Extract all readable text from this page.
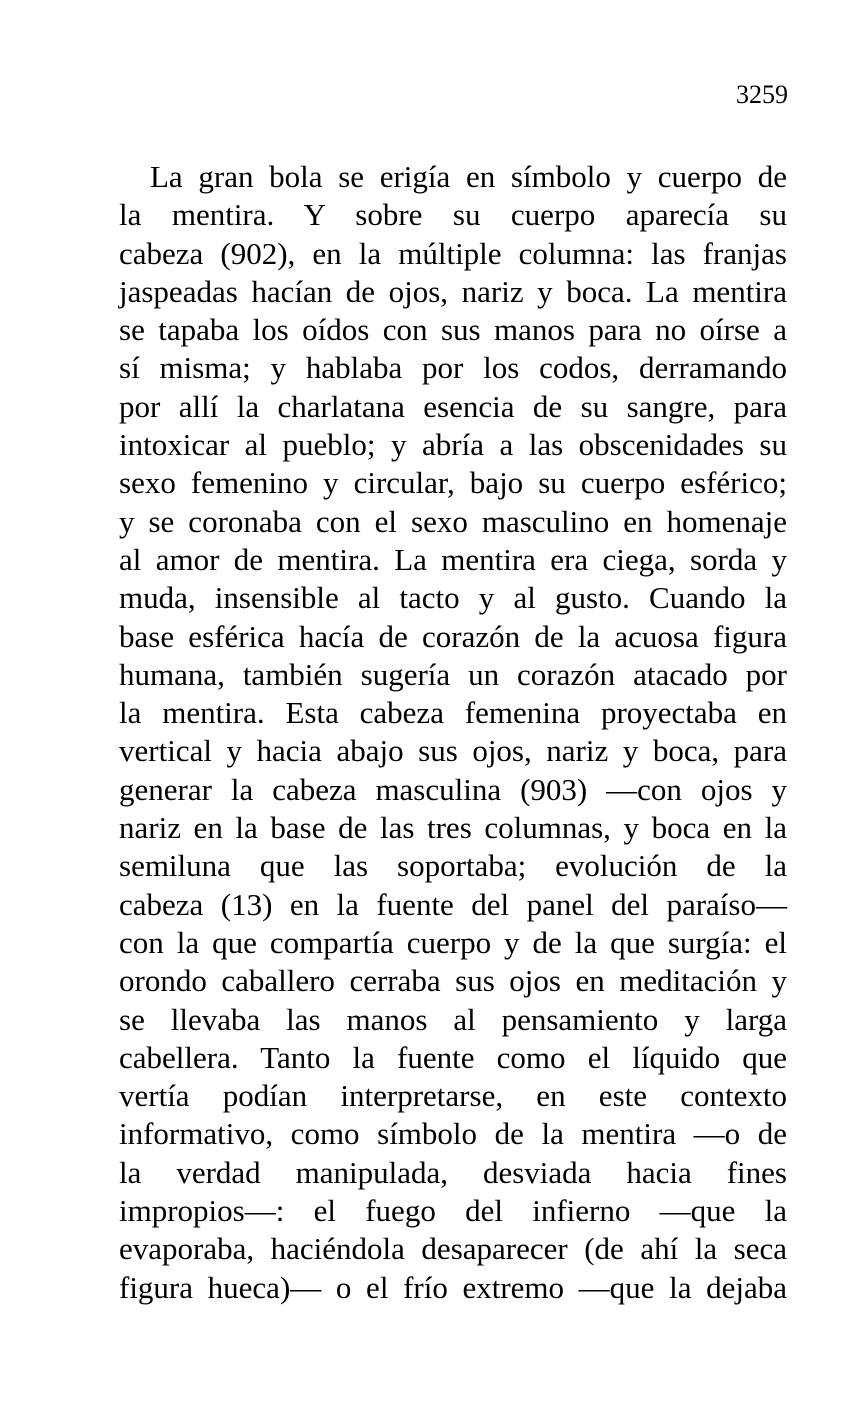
3259
La gran bola se erigía en símbolo y cuerpo de
la mentira. Y sobre su cuerpo aparecía su
cabeza (902), en la múltiple columna: las franjas
jaspeadas hacían de ojos, nariz y boca. La mentira
se tapaba los oídos con sus manos para no oírse a
sí misma; y hablaba por los codos, derramando
por allí la charlatana esencia de su sangre, para
intoxicar al pueblo; y abría a las obscenidades su
sexo femenino y circular, bajo su cuerpo esférico;
y se coronaba con el sexo masculino en homenaje
al amor de mentira. La mentira era ciega, sorda y
muda, insensible al tacto y al gusto. Cuando la
base esférica hacía de corazón de la acuosa figura
humana, también sugería un corazón atacado por
la mentira. Esta cabeza femenina proyectaba en
vertical y hacia abajo sus ojos, nariz y boca, para
generar la cabeza masculina (903) —con ojos y
nariz en la base de las tres columnas, y boca en la
semiluna que las soportaba; evolución de la
cabeza (13) en la fuente del panel del paraíso—
con la que compartía cuerpo y de la que surgía: el
orondo caballero cerraba sus ojos en meditación y
se llevaba las manos al pensamiento y larga
cabellera. Tanto la fuente como el líquido que
vertía podían interpretarse, en este contexto
informativo, como símbolo de la mentira —o de
la verdad manipulada, desviada hacia fines
impropios—: el fuego del infierno —que la
evaporaba, haciéndola desaparecer (de ahí la seca
figura hueca)— o el frío extremo —que la dejaba
